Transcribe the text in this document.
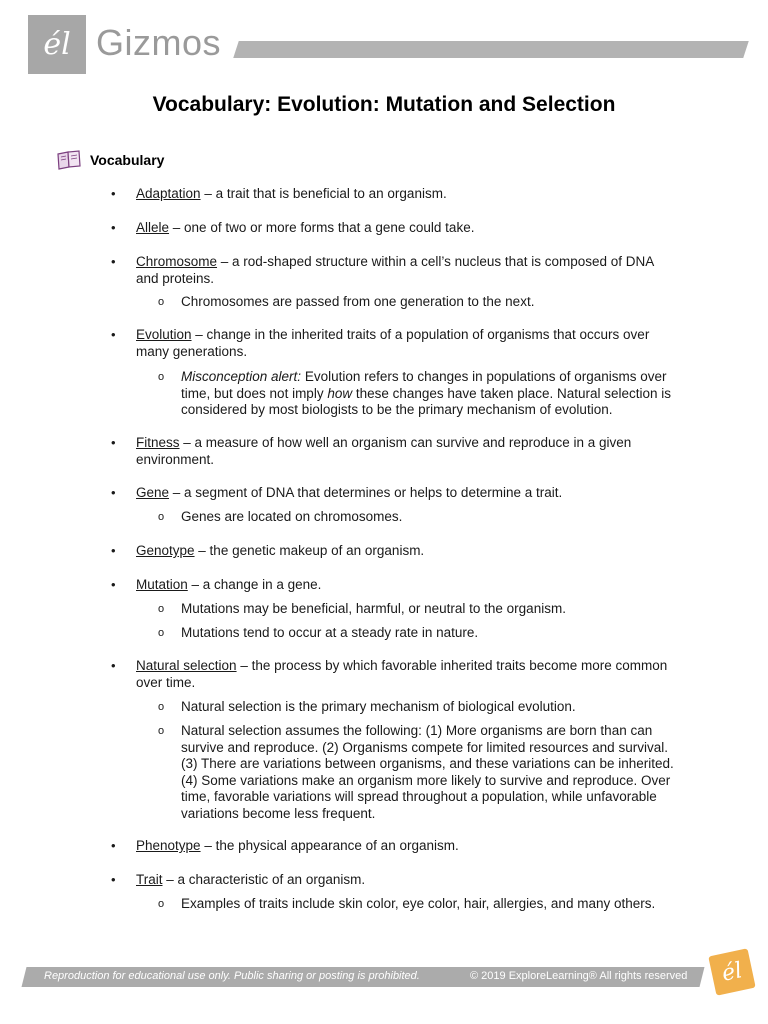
él Gizmos
Vocabulary: Evolution: Mutation and Selection
Vocabulary
• Adaptation – a trait that is beneficial to an organism.
• Allele – one of two or more forms that a gene could take.
• Chromosome – a rod-shaped structure within a cell’s nucleus that is composed of DNA and proteins.
o Chromosomes are passed from one generation to the next.
• Evolution – change in the inherited traits of a population of organisms that occurs over many generations.
o Misconception alert: Evolution refers to changes in populations of organisms over time, but does not imply how these changes have taken place. Natural selection is considered by most biologists to be the primary mechanism of evolution.
• Fitness – a measure of how well an organism can survive and reproduce in a given environment.
• Gene – a segment of DNA that determines or helps to determine a trait.
o Genes are located on chromosomes.
• Genotype – the genetic makeup of an organism.
• Mutation – a change in a gene.
o Mutations may be beneficial, harmful, or neutral to the organism.
o Mutations tend to occur at a steady rate in nature.
• Natural selection – the process by which favorable inherited traits become more common over time.
o Natural selection is the primary mechanism of biological evolution.
o Natural selection assumes the following: (1) More organisms are born than can survive and reproduce. (2) Organisms compete for limited resources and survival. (3) There are variations between organisms, and these variations can be inherited. (4) Some variations make an organism more likely to survive and reproduce. Over time, favorable variations will spread throughout a population, while unfavorable variations become less frequent.
• Phenotype – the physical appearance of an organism.
• Trait – a characteristic of an organism.
o Examples of traits include skin color, eye color, hair, allergies, and many others.
Reproduction for educational use only. Public sharing or posting is prohibited.	© 2019 ExploreLearning® All rights reserved	él
